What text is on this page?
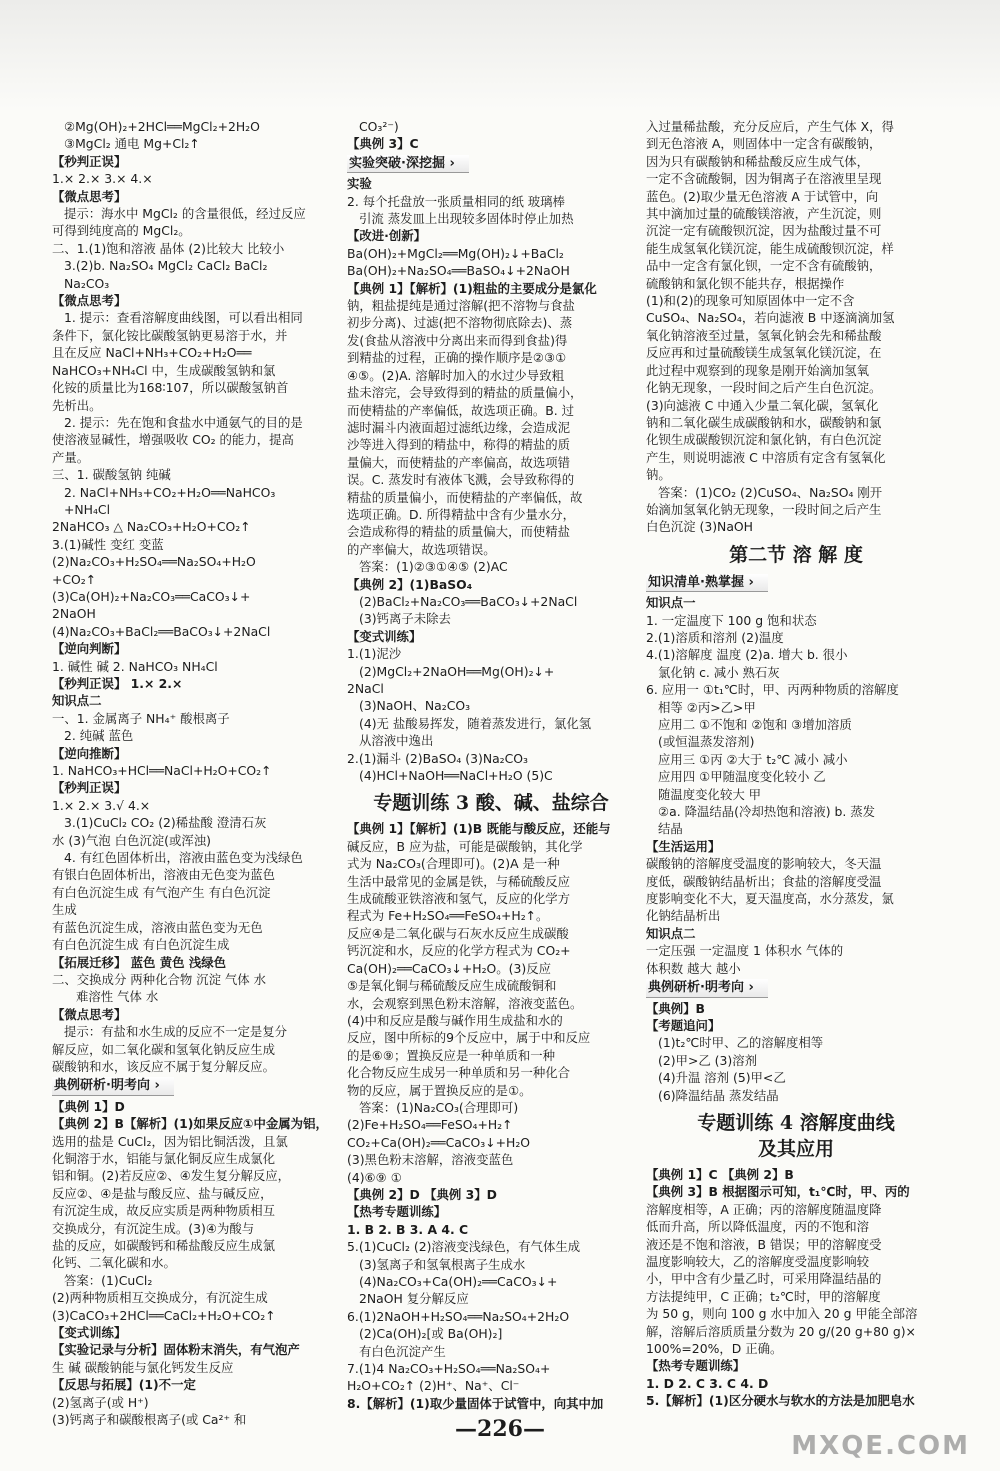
②Mg(OH)₂+2HCl══MgCl₂+2H₂O
③MgCl₂ 通电 Mg+Cl₂↑
【秒判正误】
1.× 2.× 3.× 4.×
【微点思考】
提示：海水中 MgCl₂ 的含量很低，经过反应
可得到纯度高的 MgCl₂。
二、1.(1)饱和溶液 晶体 (2)比较大 比较小
3.(2)b. Na₂SO₄ MgCl₂ CaCl₂ BaCl₂
Na₂CO₃
【微点思考】
1. 提示：查看溶解度曲线图，可以看出相同
条件下，氯化铵比碳酸氢钠更易溶于水，并
且在反应 NaCl+NH₃+CO₂+H₂O══
NaHCO₃+NH₄Cl 中，生成碳酸氢钠和氯
化铵的质量比为168∶107，所以碳酸氢钠首
先析出。
2. 提示：先在饱和食盐水中通氨气的目的是
使溶液显碱性，增强吸收 CO₂ 的能力，提高
产量。
三、1. 碳酸氢钠 纯碱
2. NaCl+NH₃+CO₂+H₂O══NaHCO₃
+NH₄Cl
2NaHCO₃ △ Na₂CO₃+H₂O+CO₂↑
3.(1)碱性 变红 变蓝
(2)Na₂CO₃+H₂SO₄══Na₂SO₄+H₂O
+CO₂↑
(3)Ca(OH)₂+Na₂CO₃══CaCO₃↓+
2NaOH
(4)Na₂CO₃+BaCl₂══BaCO₃↓+2NaCl
【逆向判断】
1. 碱性 碱 2. NaHCO₃ NH₄Cl
【秒判正误】 1.× 2.×
知识点二
一、1. 金属离子 NH₄⁺ 酸根离子
2. 纯碱 蓝色
【逆向推断】
1. NaHCO₃+HCl══NaCl+H₂O+CO₂↑
【秒判正误】
1.× 2.× 3.√ 4.×
3.(1)CuCl₂ CO₂ (2)稀盐酸 澄清石灰
水 (3)气泡 白色沉淀(或浑浊)
4. 有红色固体析出，溶液由蓝色变为浅绿色
有银白色固体析出，溶液由无色变为蓝色
有白色沉淀生成 有气泡产生 有白色沉淀
生成
有蓝色沉淀生成，溶液由蓝色变为无色
有白色沉淀生成 有白色沉淀生成
【拓展迁移】 蓝色 黄色 浅绿色
二、交换成分 两种化合物 沉淀 气体 水
难溶性 气体 水
【微点思考】
提示：有盐和水生成的反应不一定是复分
解反应，如二氧化碳和氢氧化钠反应生成
碳酸钠和水，该反应不属于复分解反应。
典例研析·明考向 ›
【典例 1】D
【典例 2】B【解析】(1)如果反应①中金属为铝，
选用的盐是 CuCl₂，因为铝比铜活泼，且氯
化铜溶于水，铝能与氯化铜反应生成氯化
铝和铜。(2)若反应②、④发生复分解反应，
反应②、④是盐与酸反应、盐与碱反应，
有沉淀生成，故反应实质是两种物质相互
交换成分，有沉淀生成。(3)④为酸与
盐的反应，如碳酸钙和稀盐酸反应生成氯
化钙、二氧化碳和水。
答案：(1)CuCl₂
(2)两种物质相互交换成分，有沉淀生成
(3)CaCO₃+2HCl══CaCl₂+H₂O+CO₂↑
【变式训练】
【实验记录与分析】固体粉末消失，有气泡产
生 碱 碳酸钠能与氯化钙发生反应
【反思与拓展】(1)不一定
(2)氢离子(或 H⁺)
(3)钙离子和碳酸根离子(或 Ca²⁺ 和
CO₃²⁻)
【典例 3】C
实验突破·深挖掘 ›
实验
2. 每个托盘放一张质量相同的纸 玻璃棒
引流 蒸发皿上出现较多固体时停止加热
【改进·创新】
Ba(OH)₂+MgCl₂══Mg(OH)₂↓+BaCl₂
Ba(OH)₂+Na₂SO₄══BaSO₄↓+2NaOH
【典例 1】【解析】(1)粗盐的主要成分是氯化
钠，粗盐提纯是通过溶解(把不溶物与食盐
初步分离)、过滤(把不溶物彻底除去)、蒸
发(食盐从溶液中分离出来而得到食盐)得
到精盐的过程，正确的操作顺序是②③①
④⑤。(2)A. 溶解时加入的水过少导致粗
盐未溶完，会导致得到的精盐的质量偏小，
而使精盐的产率偏低，故选项正确。B. 过
滤时漏斗内液面超过滤纸边缘，会造成泥
沙等进入得到的精盐中，称得的精盐的质
量偏大，而使精盐的产率偏高，故选项错
误。C. 蒸发时有液体飞溅，会导致称得的
精盐的质量偏小，而使精盐的产率偏低，故
选项正确。D. 所得精盐中含有少量水分，
会造成称得的精盐的质量偏大，而使精盐
的产率偏大，故选项错误。
答案：(1)②③①④⑤ (2)AC
【典例 2】(1)BaSO₄
(2)BaCl₂+Na₂CO₃══BaCO₃↓+2NaCl
(3)钙离子未除去
【变式训练】
1.(1)泥沙
(2)MgCl₂+2NaOH══Mg(OH)₂↓+
2NaCl
(3)NaOH、Na₂CO₃
(4)无 盐酸易挥发，随着蒸发进行，氯化氢
从溶液中逸出
2.(1)漏斗 (2)BaSO₄ (3)Na₂CO₃
(4)HCl+NaOH══NaCl+H₂O (5)C
专题训练 3 酸、碱、盐综合
【典例 1】【解析】(1)B 既能与酸反应，还能与
碱反应，B 应为盐，可能是碳酸钠，其化学
式为 Na₂CO₃(合理即可)。(2)A 是一种
生活中最常见的金属是铁，与稀硫酸反应
生成硫酸亚铁溶液和氢气，反应的化学方
程式为 Fe+H₂SO₄══FeSO₄+H₂↑。
反应④是二氧化碳与石灰水反应生成碳酸
钙沉淀和水，反应的化学方程式为 CO₂+
Ca(OH)₂══CaCO₃↓+H₂O。(3)反应
⑤是氧化铜与稀硫酸反应生成硫酸铜和
水，会观察到黑色粉末溶解，溶液变蓝色。
(4)中和反应是酸与碱作用生成盐和水的
反应，图中所标的9个反应中，属于中和反应
的是⑥⑨；置换反应是一种单质和一种
化合物反应生成另一种单质和另一种化合
物的反应，属于置换反应的是①。
答案：(1)Na₂CO₃(合理即可)
(2)Fe+H₂SO₄══FeSO₄+H₂↑
CO₂+Ca(OH)₂══CaCO₃↓+H₂O
(3)黑色粉末溶解，溶液变蓝色
(4)⑥⑨ ①
【典例 2】D 【典例 3】D
【热考专题训练】
1. B 2. B 3. A 4. C
5.(1)CuCl₂ (2)溶液变浅绿色，有气体生成
(3)氢离子和氢氧根离子生成水
(4)Na₂CO₃+Ca(OH)₂══CaCO₃↓+
2NaOH 复分解反应
6.(1)2NaOH+H₂SO₄══Na₂SO₄+2H₂O
(2)Ca(OH)₂[或 Ba(OH)₂]
有白色沉淀产生
7.(1)4 Na₂CO₃+H₂SO₄══Na₂SO₄+
H₂O+CO₂↑ (2)H⁺、Na⁺、Cl⁻
8.【解析】(1)取少量固体于试管中，向其中加
入过量稀盐酸，充分反应后，产生气体 X，得
到无色溶液 A，则固体中一定含有碳酸钠，
因为只有碳酸钠和稀盐酸反应生成气体，
一定不含硫酸铜，因为铜离子在溶液里呈现
蓝色。(2)取少量无色溶液 A 于试管中，向
其中滴加过量的硫酸镁溶液，产生沉淀，则
沉淀一定有硫酸钡沉淀，因为盐酸过量不可
能生成氢氧化镁沉淀，能生成硫酸钡沉淀，样
品中一定含有氯化钡，一定不含有硫酸钠，
硫酸钠和氯化钡不能共存，根据操作
(1)和(2)的现象可知原固体中一定不含
CuSO₄、Na₂SO₄，若向滤液 B 中逐滴滴加氢
氧化钠溶液至过量，氢氧化钠会先和稀盐酸
反应再和过量硫酸镁生成氢氧化镁沉淀，在
此过程中观察到的现象是刚开始滴加氢氧
化钠无现象，一段时间之后产生白色沉淀。
(3)向滤液 C 中通入少量二氧化碳，氢氧化
钠和二氧化碳生成碳酸钠和水，碳酸钠和氯
化钡生成碳酸钡沉淀和氯化钠，有白色沉淀
产生，则说明滤液 C 中溶质有定含有氢氧化
钠。
答案：(1)CO₂ (2)CuSO₄、Na₂SO₄ 刚开
始滴加氢氧化钠无现象，一段时间之后产生
白色沉淀 (3)NaOH
第二节 溶 解 度
知识清单·熟掌握 ›
知识点一
1. 一定温度下 100 g 饱和状态
2.(1)溶质和溶剂 (2)温度
4.(1)溶解度 温度 (2)a. 增大 b. 很小
氯化钠 c. 减小 熟石灰
6. 应用一 ①t₁℃时，甲、丙两种物质的溶解度
相等 ②丙>乙>甲
应用二 ①不饱和 ②饱和 ③增加溶质
(或恒温蒸发溶剂)
应用三 ①丙 ②大于 t₂℃ 减小 减小
应用四 ①甲随温度变化较小 乙
随温度变化较大 甲
②a. 降温结晶(冷却热饱和溶液) b. 蒸发
结晶
【生活运用】
碳酸钠的溶解度受温度的影响较大，冬天温
度低，碳酸钠结晶析出；食盐的溶解度受温
度影响变化不大，夏天温度高，水分蒸发，氯
化钠结晶析出
知识点二
一定压强 一定温度 1 体积水 气体的
体积数 越大 越小
典例研析·明考向 ›
【典例】B
【考题追问】
(1)t₂℃时甲、乙的溶解度相等
(2)甲>乙 (3)溶剂
(4)升温 溶剂 (5)甲<乙
(6)降温结晶 蒸发结晶
专题训练 4 溶解度曲线
及其应用
【典例 1】C 【典例 2】B
【典例 3】B 根据图示可知，t₁℃时，甲、丙的
溶解度相等，A 正确；丙的溶解度随温度降
低而升高，所以降低温度，丙的不饱和溶
液还是不饱和溶液，B 错误；甲的溶解度受
温度影响较大，乙的溶解度受温度影响较
小，甲中含有少量乙时，可采用降温结晶的
方法提纯甲，C 正确；t₂℃时，甲的溶解度
为 50 g，则向 100 g 水中加入 20 g 甲能全部溶
解，溶解后溶质质量分数为 20 g/(20 g+80 g)×
100%=20%，D 正确。
【热考专题训练】
1. D 2. C 3. C 4. D
5.【解析】(1)区分硬水与软水的方法是加肥皂水
—226—
MXQE.COM
